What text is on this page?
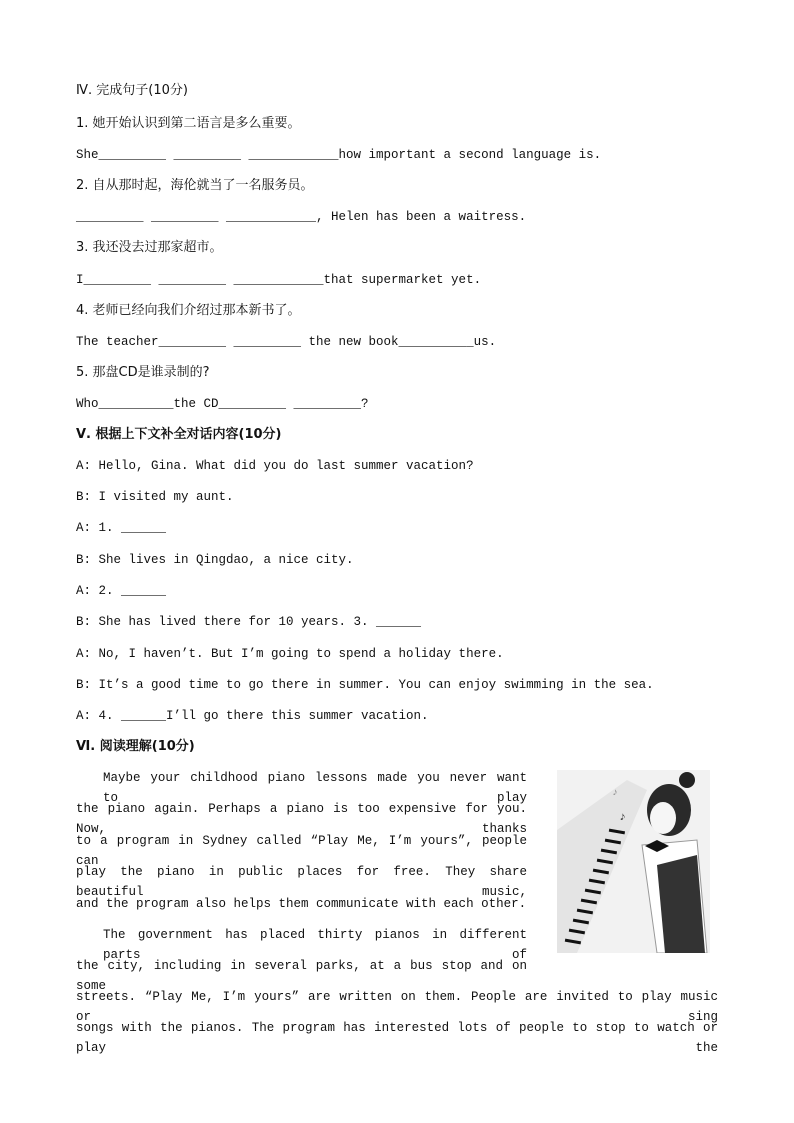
Ⅳ. 完成句子(10分)
1. 她开始认识到第二语言是多么重要。
She_________ _________ ____________how important a second language is.
2. 自从那时起，海伦就当了一名服务员。
_________ _________ ____________, Helen has been a waitress.
3. 我还没去过那家超市。
I_________ _________ ____________that supermarket yet.
4. 老师已经向我们介绍过那本新书了。
The teacher_________ _________ the new book__________us.
5. 那盘CD是谁录制的?
Who__________the CD_________ _________?
Ⅴ. 根据上下文补全对话内容(10分)
A: Hello, Gina. What did you do last summer vacation?
B: I visited my aunt.
A: 1. ______
B: She lives in Qingdao, a nice city.
A: 2. ______
B: She has lived there for 10 years. 3. ______
A: No, I haven’t. But I’m going to spend a holiday there.
B: It’s a good time to go there in summer. You can enjoy swimming in the sea.
A: 4. ______I’ll go there this summer vacation.
Ⅵ. 阅读理解(10分)
Maybe your childhood piano lessons made you never want to play
the piano again. Perhaps a piano is too expensive for you. Now, thanks
to a program in Sydney called “Play Me, I’m yours”, people can
play the piano in public places for free. They share beautiful music,
and the program also helps them communicate with each other.
The government has placed thirty pianos in different parts of
the city, including in several parks, at a bus stop and on some
streets. “Play Me, I’m yours” are written on them. People are invited to play music or sing
songs with the pianos. The program has interested lots of people to stop to watch or play the
♪
♪
